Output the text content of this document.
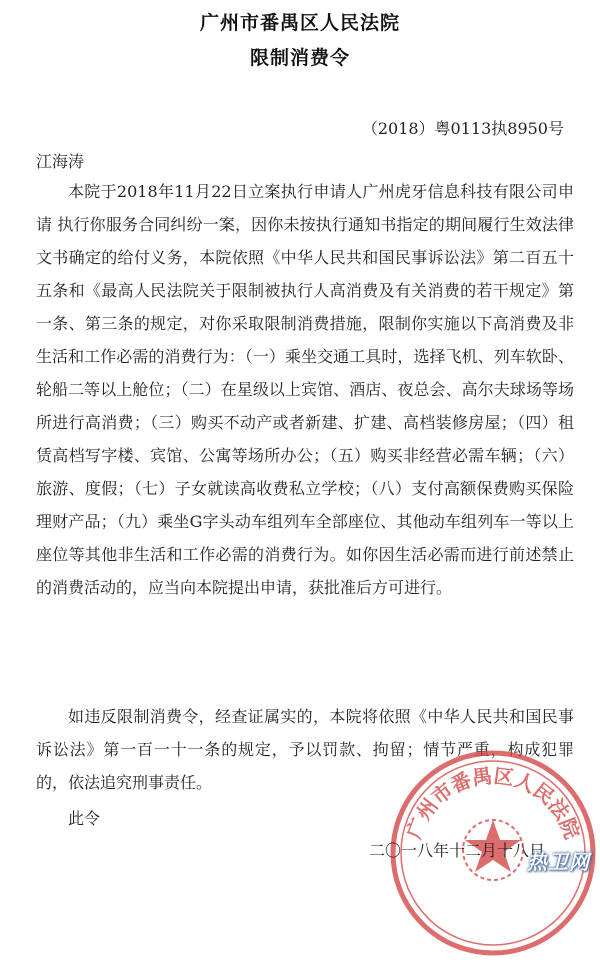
广州市番禺区人民法院
限制消费令
（2018）粤0113执8950号
江海涛
本院于2018年11月22日立案执行申请人广州虎牙信息科技有限公司申请 执行你服务合同纠纷一案，因你未按执行通知书指定的期间履行生效法律文书确定的给付义务，本院依照《中华人民共和国民事诉讼法》第二百五十五条和《最高人民法院关于限制被执行人高消费及有关消费的若干规定》第一条、第三条的规定，对你采取限制消费措施，限制你实施以下高消费及非生活和工作必需的消费行为：（一）乘坐交通工具时，选择飞机、列车软卧、轮船二等以上舱位；（二）在星级以上宾馆、酒店、夜总会、高尔夫球场等场所进行高消费；（三）购买不动产或者新建、扩建、高档装修房屋；（四）租赁高档写字楼、宾馆、公寓等场所办公；（五）购买非经营必需车辆；（六）旅游、度假；（七）子女就读高收费私立学校；（八）支付高额保费购买保险理财产品；（九）乘坐G字头动车组列车全部座位、其他动车组列车一等以上座位等其他非生活和工作必需的消费行为。如你因生活必需而进行前述禁止的消费活动的，应当向本院提出申请，获批准后方可进行。
如违反限制消费令，经查证属实的，本院将依照《中华人民共和国民事诉讼法》第一百一十一条的规定，予以罚款、拘留；情节严重，构成犯罪的，依法追究刑事责任。
此令	广州市番禺区人民法院
二〇一八年十二月十八日
热卫网
